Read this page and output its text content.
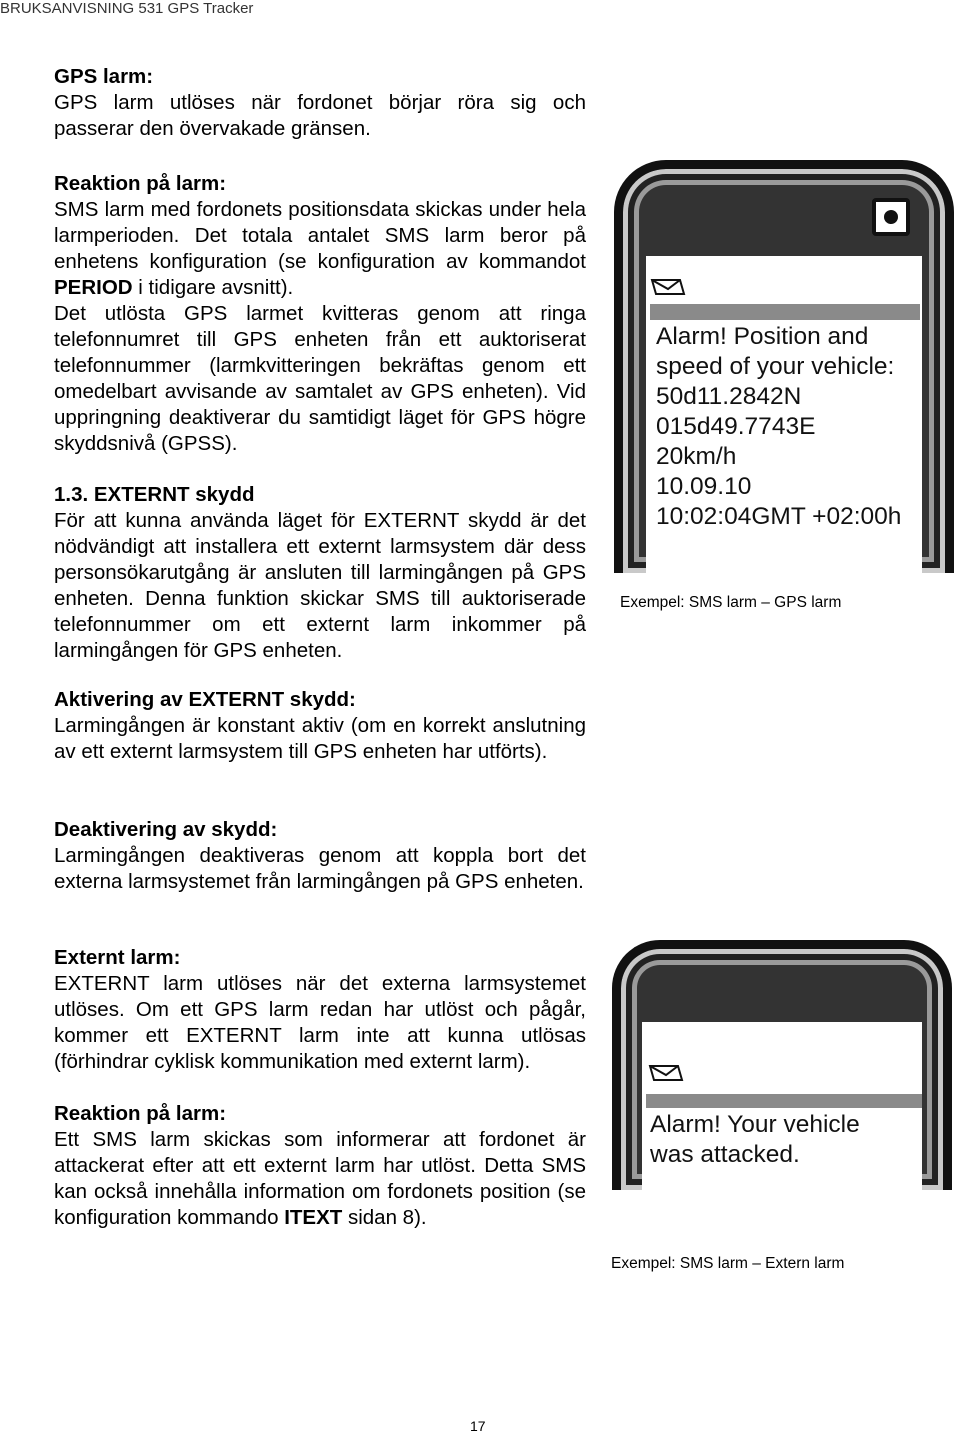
BRUKSANVISNING 531 GPS Tracker

GPS larm:
GPS larm utlöses när fordonet börjar röra sig och passerar den övervakade gränsen.

Reaktion på larm:
SMS larm med fordonets positionsdata skickas under hela larmperioden. Det totala antalet SMS larm beror på enhetens konfiguration (se konfiguration av kommandot PERIOD i tidigare avsnitt).
Det utlösta GPS larmet kvitteras genom att ringa telefonnumret till GPS enheten från ett auktoriserat telefonnummer (larmkvitteringen bekräftas genom ett omedelbart avvisande av samtalet av GPS enheten). Vid uppringning deaktiverar du samtidigt läget för GPS högre skyddsnivå (GPSS).

1.3. EXTERNT skydd
För att kunna använda läget för EXTERNT skydd är det nödvändigt att installera ett externt larmsystem där dess personsökarutgång är ansluten till larmingången på GPS enheten. Denna funktion skickar SMS till auktoriserade telefonnummer om ett externt larm inkommer på larmingången för GPS enheten.

Aktivering av EXTERNT skydd:
Larmingången är konstant aktiv (om en korrekt anslutning av ett externt larmsystem till GPS enheten har utförts).

Deaktivering av skydd:
Larmingången deaktiveras genom att koppla bort det externa larmsystemet från larmingången på GPS enheten.

Externt larm:
EXTERNT larm utlöses när det externa larmsystemet utlöses. Om ett GPS larm redan har utlöst och pågår, kommer ett EXTERNT larm inte att kunna utlösas (förhindrar cyklisk kommunikation med externt larm).

Reaktion på larm:
Ett SMS larm skickas som informerar att fordonet är attackerat efter att ett externt larm har utlöst. Detta SMS kan också innehålla information om fordonets position (se konfiguration kommando ITEXT sidan 8).

Alarm! Position and
speed of your vehicle:
50d11.2842N
015d49.7743E
20km/h
10.09.10
10:02:04GMT +02:00h
Exempel: SMS larm – GPS larm
Alarm! Your vehicle
was attacked.
Exempel: SMS larm – Extern larm
17
